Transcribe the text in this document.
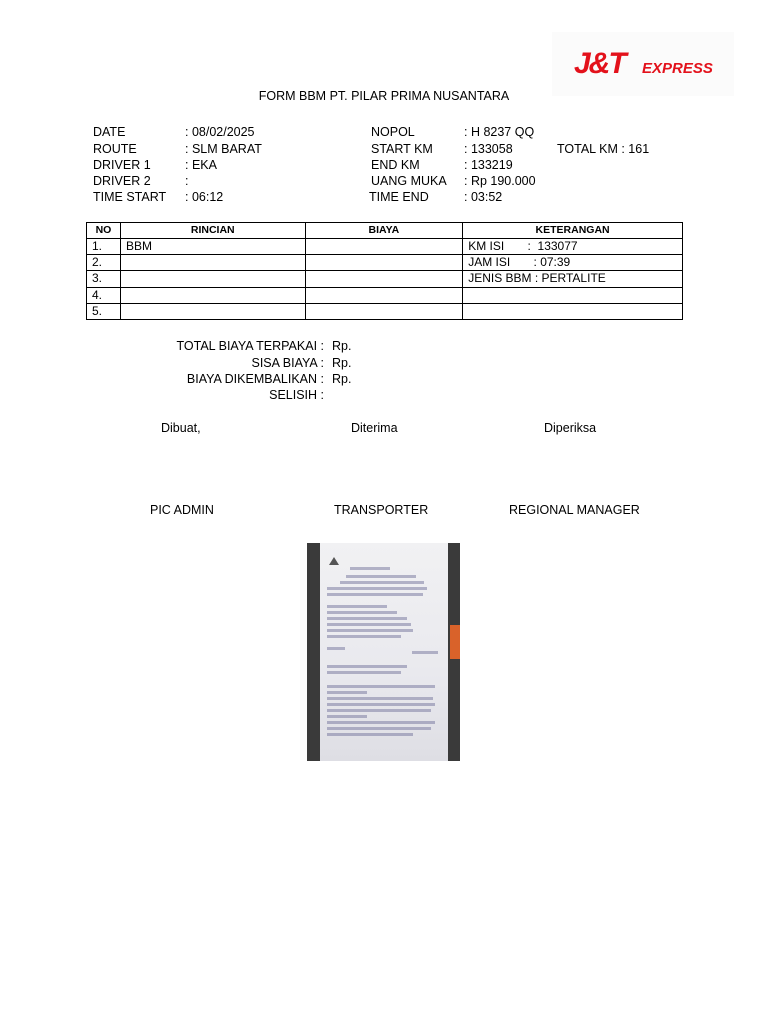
J&T	EXPRESS
FORM BBM PT. PILAR PRIMA NUSANTARA
DATE	: 08/02/2025
ROUTE	: SLM BARAT
DRIVER 1	: EKA
DRIVER 2	:
TIME START : 06:12
NOPOL	: H 8237 QQ
START KM : 133058	TOTAL KM : 161
END KM	: 133219
UANG MUKA : Rp 190.000
TIME END	: 03:52
NO	RINCIAN	BIAYA	KETERANGAN
1.	BBM		KM ISI       :  133077
2.			JAM ISI       : 07:39
3.			JENIS BBM : PERTALITE
4.			
5.			
TOTAL BIAYA TERPAKAI : Rp.
SISA BIAYA : Rp.
BIAYA DIKEMBALIKAN : Rp.
SELISIH :
Dibuat,	Diterima	Diperiksa
PIC ADMIN	TRANSPORTER	REGIONAL MANAGER
